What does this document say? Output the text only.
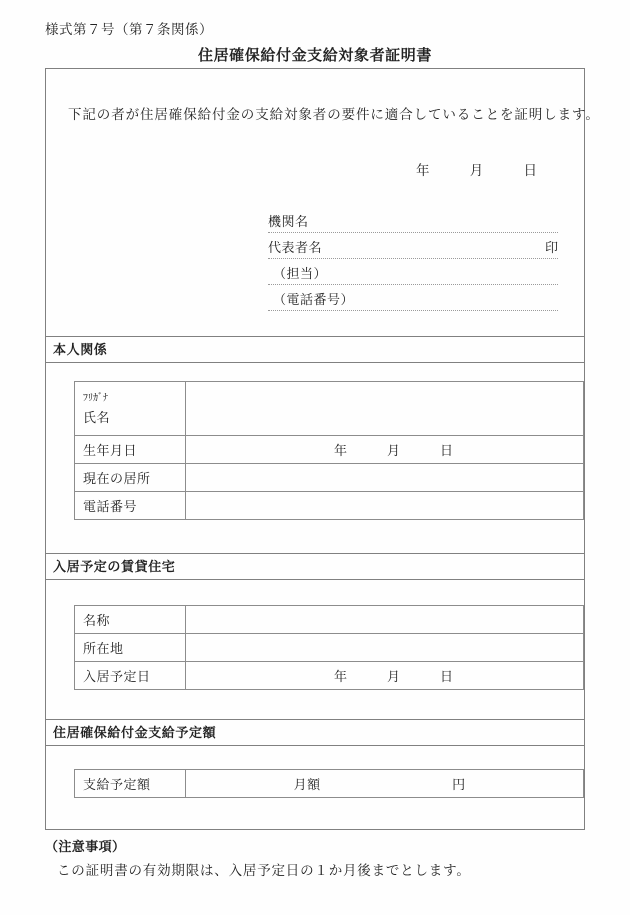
様式第７号（第７条関係）
住居確保給付金支給対象者証明書
下記の者が住居確保給付金の支給対象者の要件に適合していることを証明します。
年	月	日
機関名
代表者名	印
（担当）
（電話番号）
本人関係
ﾌﾘｶﾞﾅ
氏名	

生年月日	年 月 日
現在の居所	
電話番号	
入居予定の賃貸住宅
名称	
所在地	
入居予定日	年 月 日
住居確保給付金支給予定額
支給予定額	月額	円
（注意事項）
この証明書の有効期限は、入居予定日の１か月後までとします。
